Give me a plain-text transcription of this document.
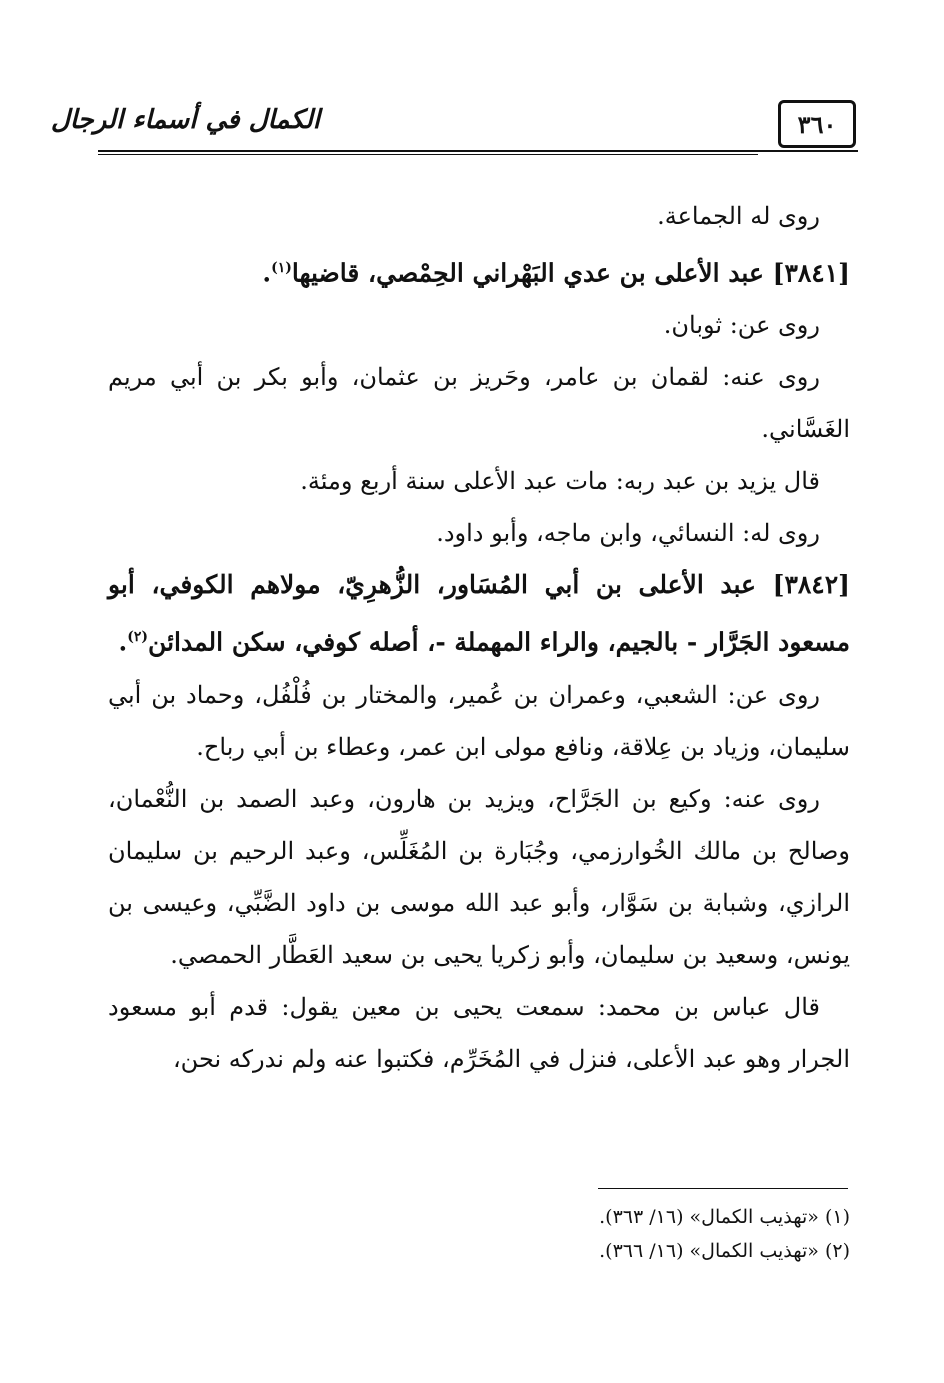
٣٦٠
الكمال في أسماء الرجال

روى له الجماعة.

[٣٨٤١] عبد الأعلى بن عدي البَهْراني الحِمْصي، قاضيها$^{(١)}$.

روى عن: ثوبان.

روى عنه: لقمان بن عامر، وحَريز بن عثمان، وأبو بكر بن أبي مريم الغَسَّاني.

قال يزيد بن عبد ربه: مات عبد الأعلى سنة أربع ومئة.

روى له: النسائي، وابن ماجه، وأبو داود.

[٣٨٤٢] عبد الأعلى بن أبي المُسَاور، الزُّهرِيّ، مولاهم الكوفي، أبو مسعود الجَرَّار - بالجيم، والراء المهملة -، أصله كوفي، سكن المدائن$^{(٢)}$.

روى عن: الشعبي، وعمران بن عُمير، والمختار بن فُلْفُل، وحماد بن أبي سليمان، وزياد بن عِلاقة، ونافع مولى ابن عمر، وعطاء بن أبي رباح.

روى عنه: وكيع بن الجَرَّاح، ويزيد بن هارون، وعبد الصمد بن النُّعْمان، وصالح بن مالك الخُوارزمي، وجُبَارة بن المُغَلِّس، وعبد الرحيم بن سليمان الرازي، وشبابة بن سَوَّار، وأبو عبد الله موسى بن داود الضَّبِّي، وعيسى بن يونس، وسعيد بن سليمان، وأبو زكريا يحيى بن سعيد العَطَّار الحمصي.

قال عباس بن محمد: سمعت يحيى بن معين يقول: قدم أبو مسعود الجرار وهو عبد الأعلى، فنزل في المُخَرِّم، فكتبوا عنه ولم ندركه نحن،

(١) «تهذيب الكمال» (١٦/ ٣٦٣).

(٢) «تهذيب الكمال» (١٦/ ٣٦٦).
